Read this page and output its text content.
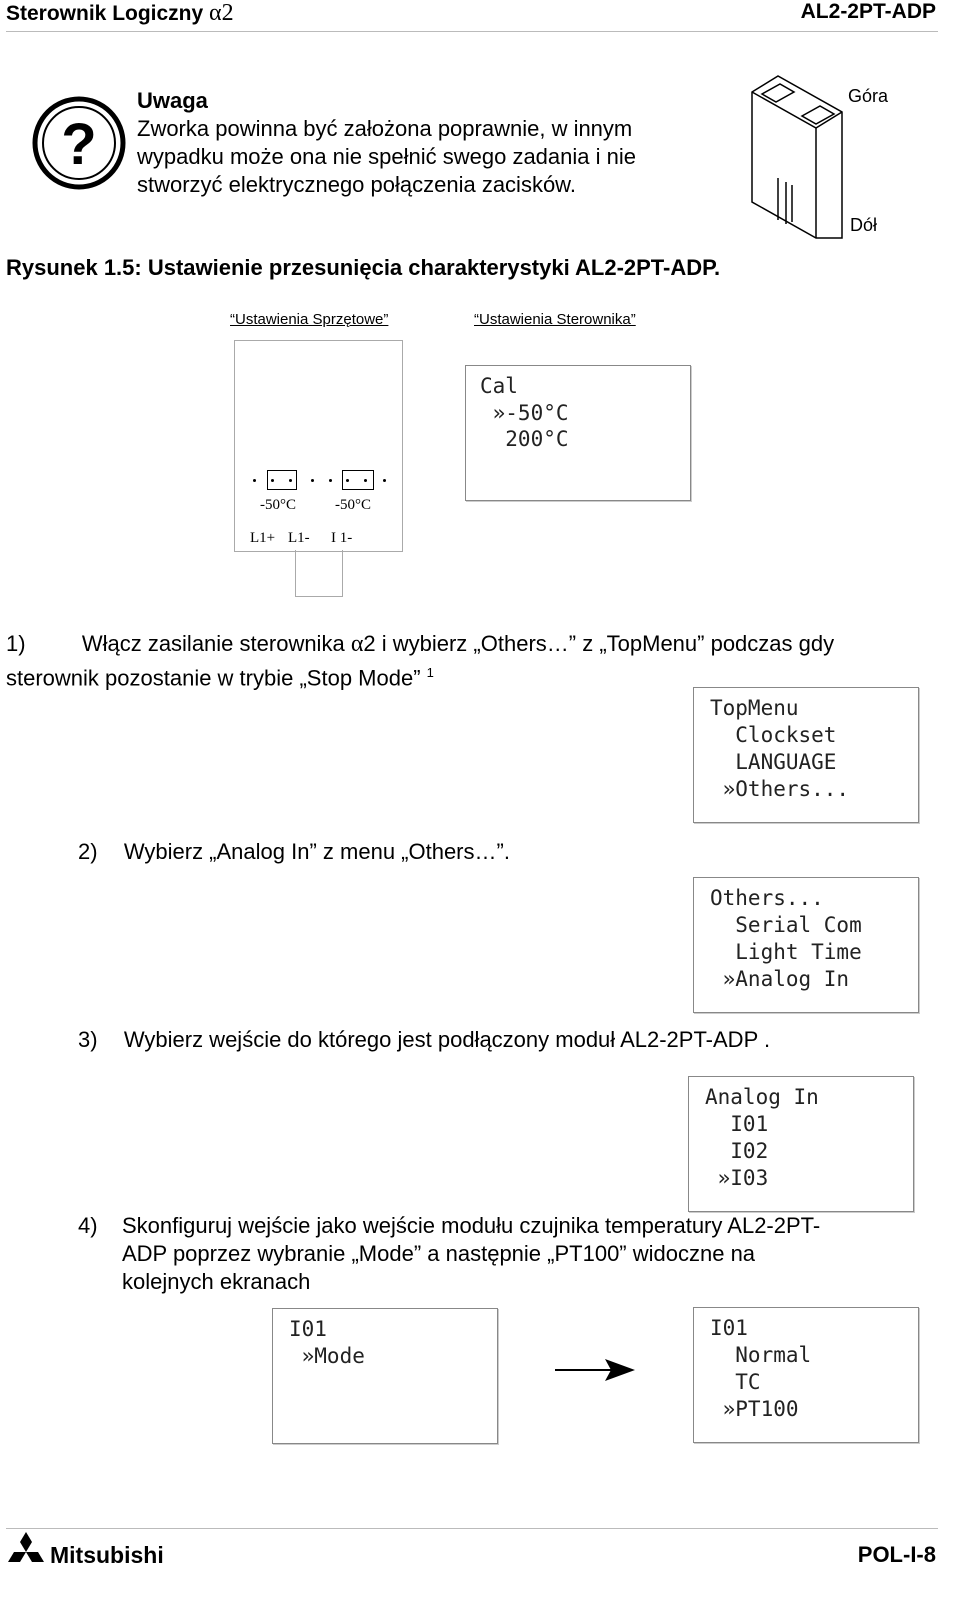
Sterownik Logiczny α2	AL2-2PT-ADP
?
Uwaga
Zworka powinna być założona poprawnie, w innym
wypadku może ona nie spełnić swego zadania i nie
stworzyć elektrycznego połączenia zacisków.
Góra
Dół
Rysunek 1.5: Ustawienie przesunięcia charakterystyki AL2-2PT-ADP.
“Ustawienia Sprzętowe”	“Ustawienia Sterownika”
-50°C	-50°C
L1+ L1- I 1-
Cal
»-50°C
200°C
1)	Włącz zasilanie sterownika α2 i wybierz „Others…” z „TopMenu” podczas gdy
sterownik pozostanie w trybie „Stop Mode” $^1$
TopMenu
Clockset
LANGUAGE
»Others...
2) Wybierz „Analog In” z menu „Others…”.
Others...
Serial Com
Light Time
»Analog In
3) Wybierz wejście do którego jest podłączony moduł AL2-2PT-ADP .
Analog In
I01
I02
»I03
4) Skonfiguruj wejście jako wejście modułu czujnika temperatury AL2-2PT-
ADP poprzez wybranie „Mode” a następnie „PT100” widoczne na
kolejnych ekranach
I01
»Mode
I01
Normal
TC
»PT100
Mitsubishi	POL-I-8
